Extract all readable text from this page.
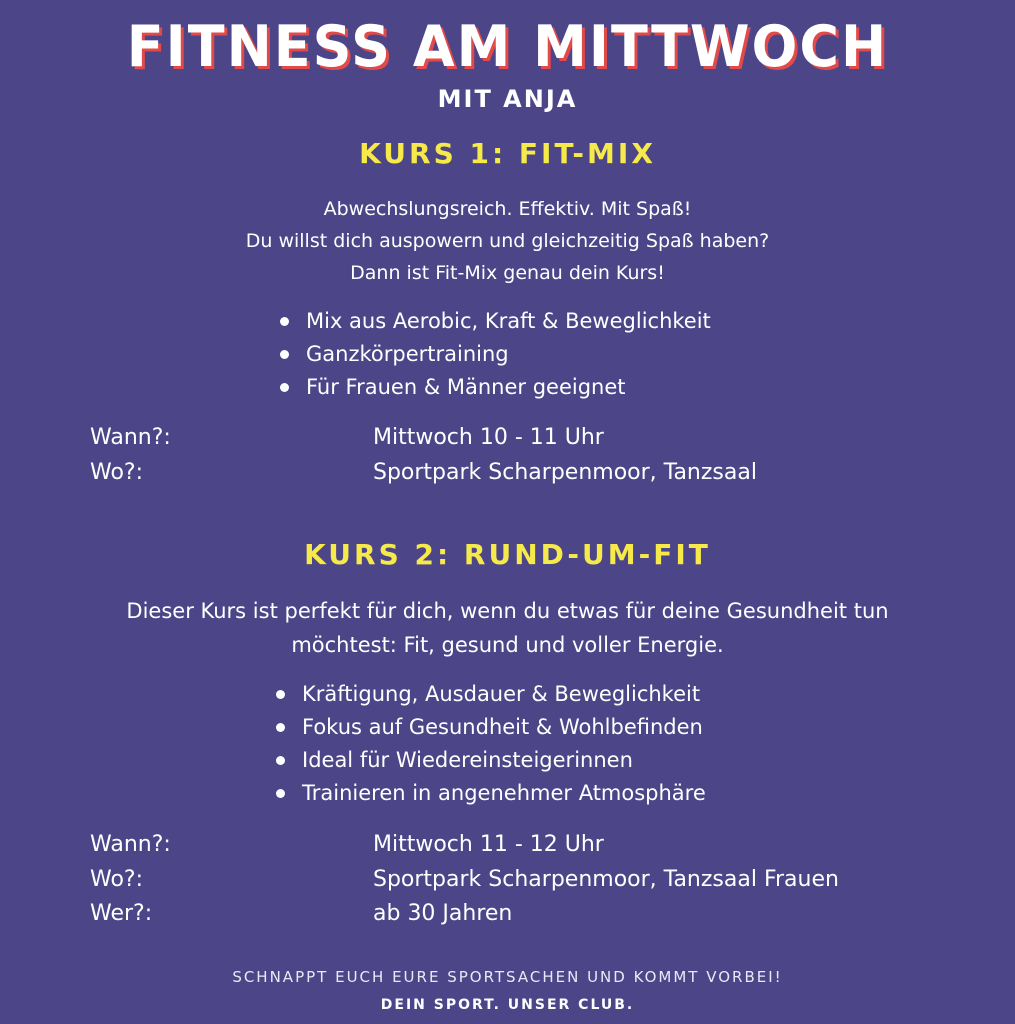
FITNESS AM MITTWOCH
MIT ANJA
KURS 1: FIT-MIX
Abwechslungsreich. Effektiv. Mit Spaß!
Du willst dich auspowern und gleichzeitig Spaß haben?
Dann ist Fit-Mix genau dein Kurs!
Mix aus Aerobic, Kraft & Beweglichkeit
Ganzkörpertraining
Für Frauen & Männer geeignet
Wann?:	Mittwoch 10 - 11 Uhr
Wo?:	Sportpark Scharpenmoor, Tanzsaal
KURS 2: RUND-UM-FIT
Dieser Kurs ist perfekt für dich, wenn du etwas für deine Gesundheit tun
möchtest: Fit, gesund und voller Energie.
Kräftigung, Ausdauer & Beweglichkeit
Fokus auf Gesundheit & Wohlbefinden
Ideal für Wiedereinsteigerinnen
Trainieren in angenehmer Atmosphäre
Wann?:	Mittwoch 11 - 12 Uhr
Wo?:	Sportpark Scharpenmoor, Tanzsaal Frauen
Wer?:	ab 30 Jahren
SCHNAPPT EUCH EURE SPORTSACHEN UND KOMMT VORBEI!
DEIN SPORT. UNSER CLUB.
